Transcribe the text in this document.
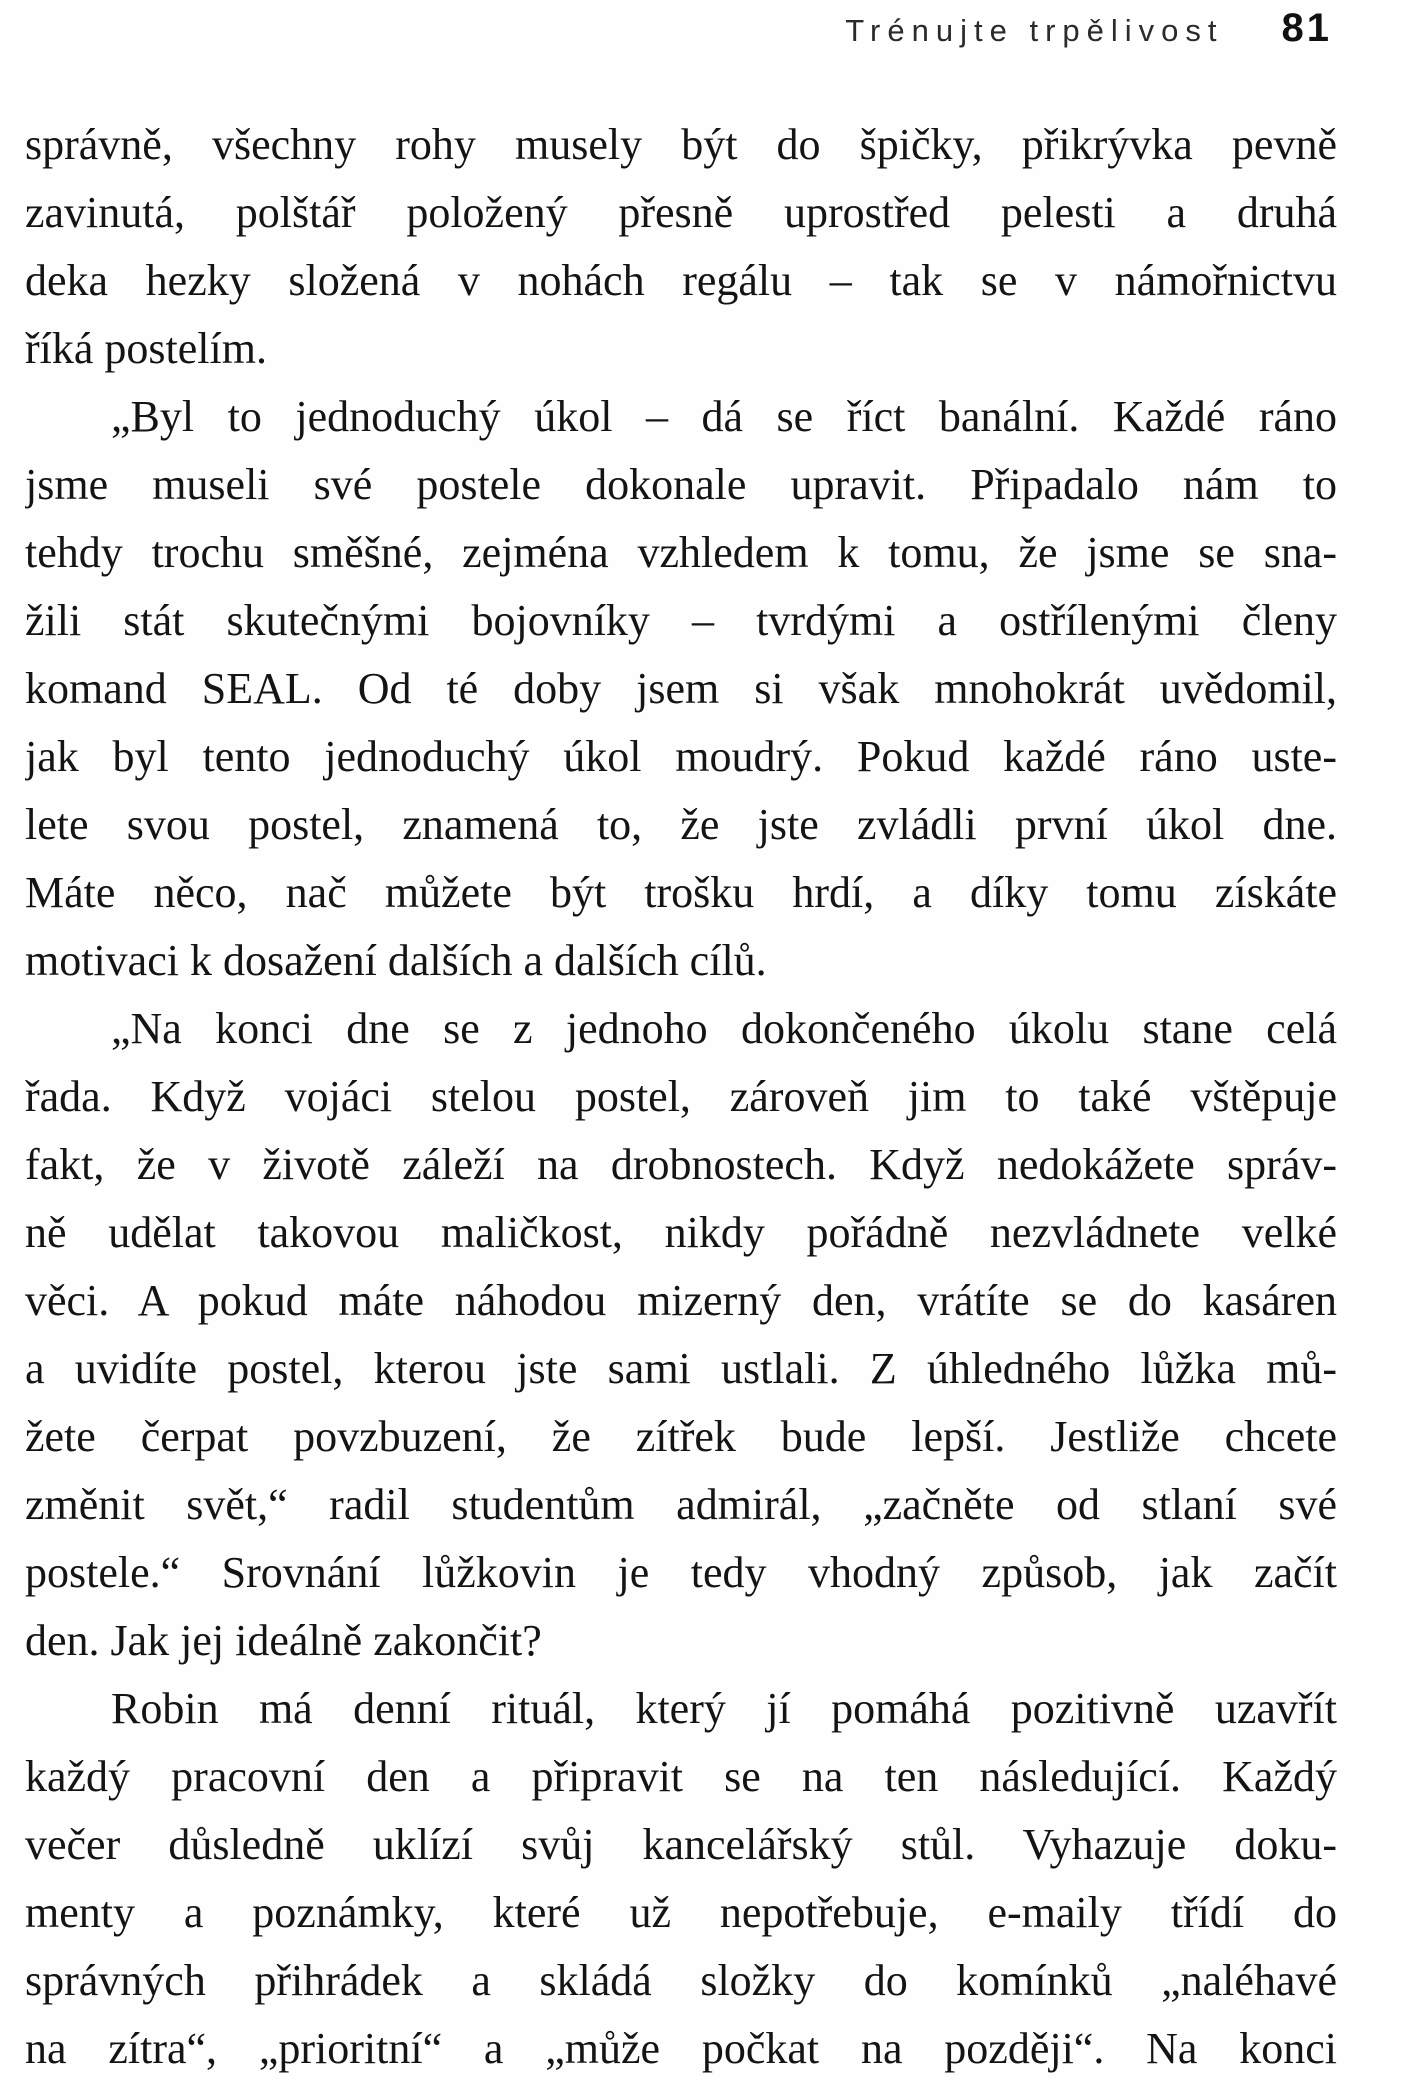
Trénujte trpělivost 81
správně, všechny rohy musely být do špičky, přikrývka pevně
zavinutá, polštář položený přesně uprostřed pelesti a druhá
deka hezky složená v nohách regálu – tak se v námořnictvu
říká postelím.
„Byl to jednoduchý úkol – dá se říct banální. Každé ráno
jsme museli své postele dokonale upravit. Připadalo nám to
tehdy trochu směšné, zejména vzhledem k tomu, že jsme se sna-
žili stát skutečnými bojovníky – tvrdými a ostřílenými členy
komand SEAL. Od té doby jsem si však mnohokrát uvědomil,
jak byl tento jednoduchý úkol moudrý. Pokud každé ráno uste-
lete svou postel, znamená to, že jste zvládli první úkol dne.
Máte něco, nač můžete být trošku hrdí, a díky tomu získáte
motivaci k dosažení dalších a dalších cílů.
„Na konci dne se z jednoho dokončeného úkolu stane celá
řada. Když vojáci stelou postel, zároveň jim to také vštěpuje
fakt, že v životě záleží na drobnostech. Když nedokážete správ-
ně udělat takovou maličkost, nikdy pořádně nezvládnete velké
věci. A pokud máte náhodou mizerný den, vrátíte se do kasáren
a uvidíte postel, kterou jste sami ustlali. Z úhledného lůžka mů-
žete čerpat povzbuzení, že zítřek bude lepší. Jestliže chcete
změnit svět,“ radil studentům admirál, „začněte od stlaní své
postele.“ Srovnání lůžkovin je tedy vhodný způsob, jak začít
den. Jak jej ideálně zakončit?
Robin má denní rituál, který jí pomáhá pozitivně uzavřít
každý pracovní den a připravit se na ten následující. Každý
večer důsledně uklízí svůj kancelářský stůl. Vyhazuje doku-
menty a poznámky, které už nepotřebuje, e-maily třídí do
správných přihrádek a skládá složky do komínků „naléhavé
na zítra“, „prioritní“ a „může počkat na později“. Na konci
